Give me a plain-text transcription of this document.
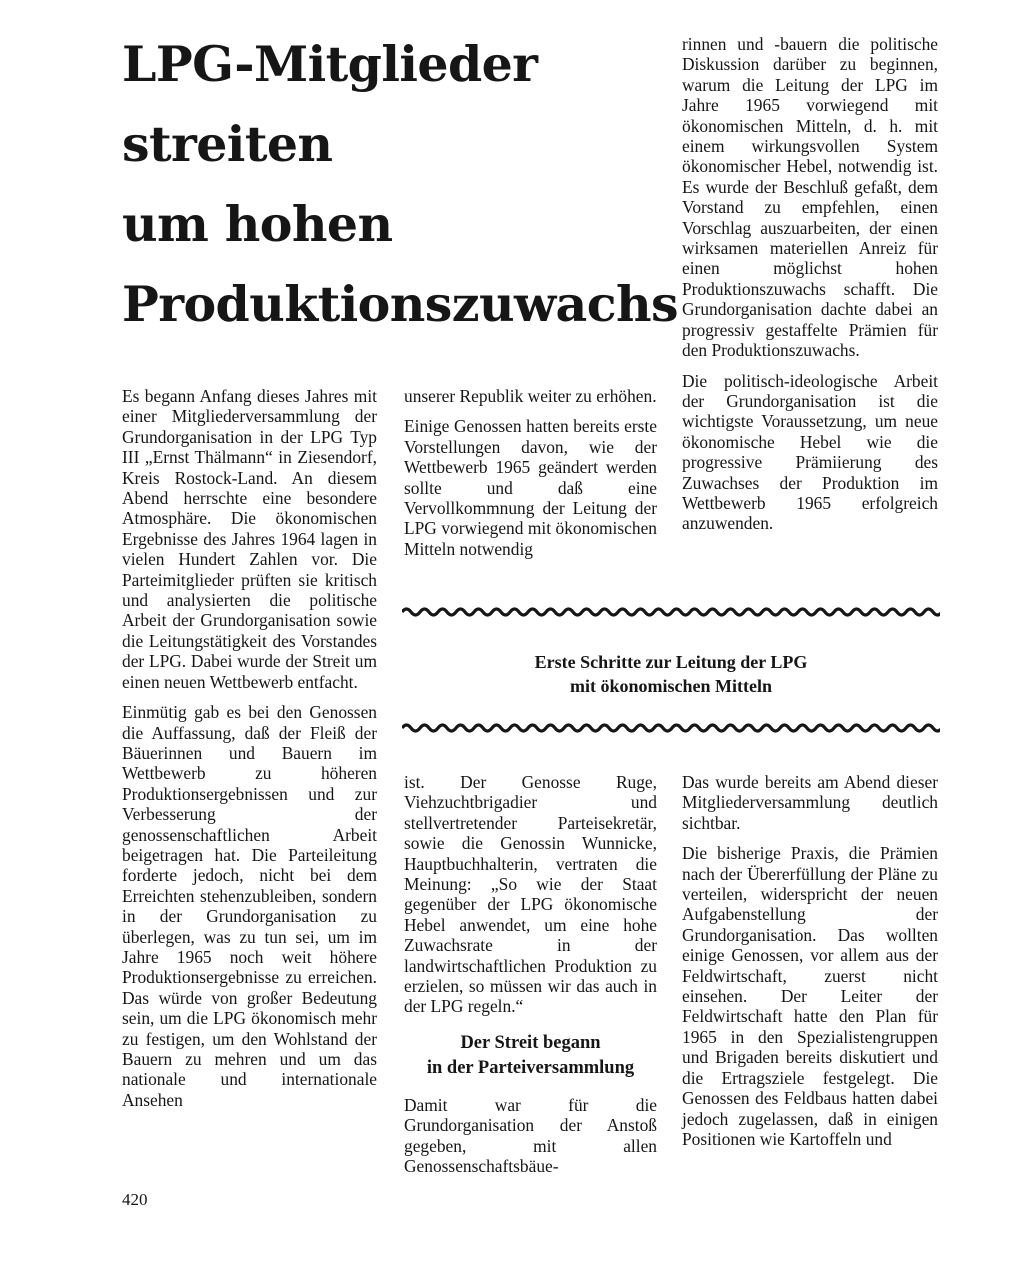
LPG-Mitglieder
streiten
um hohen
Produktionszuwachs

rinnen und -bauern die politische Diskussion darüber zu beginnen, warum die Leitung der LPG im Jahre 1965 vorwiegend mit ökonomischen Mitteln, d. h. mit einem wirkungsvollen System ökonomischer Hebel, notwendig ist. Es wurde der Beschluß gefaßt, dem Vorstand zu empfehlen, einen Vorschlag auszuarbeiten, der einen wirksamen materiellen Anreiz für einen möglichst hohen Produktionszuwachs schafft. Die Grundorganisation dachte dabei an progressiv gestaffelte Prämien für den Produktionszuwachs.

Die politisch-ideologische Arbeit der Grundorganisation ist die wichtigste Voraussetzung, um neue ökonomische Hebel wie die progressive Prämiierung des Zuwachses der Produktion im Wettbewerb 1965 erfolgreich anzuwenden.

Es begann Anfang dieses Jahres mit einer Mitgliederversammlung der Grundorganisation in der LPG Typ III „Ernst Thälmann“ in Ziesendorf, Kreis Rostock-Land. An diesem Abend herrschte eine besondere Atmosphäre. Die ökonomischen Ergebnisse des Jahres 1964 lagen in vielen Hundert Zahlen vor. Die Parteimitglieder prüften sie kritisch und analysierten die politische Arbeit der Grundorganisation sowie die Leitungstätigkeit des Vorstandes der LPG. Dabei wurde der Streit um einen neuen Wettbewerb entfacht.

Einmütig gab es bei den Genossen die Auffassung, daß der Fleiß der Bäuerinnen und Bauern im Wettbewerb zu höheren Produktionsergebnissen und zur Verbesserung der genossenschaftlichen Arbeit beigetragen hat. Die Parteileitung forderte jedoch, nicht bei dem Erreichten stehenzubleiben, sondern in der Grundorganisation zu überlegen, was zu tun sei, um im Jahre 1965 noch weit höhere Produktionsergebnisse zu erreichen. Das würde von großer Bedeutung sein, um die LPG ökonomisch mehr zu festigen, um den Wohlstand der Bauern zu mehren und um das nationale und internationale Ansehen

unserer Republik weiter zu erhöhen.

Einige Genossen hatten bereits erste Vorstellungen davon, wie der Wettbewerb 1965 geändert werden sollte und daß eine Vervollkommnung der Leitung der LPG vorwiegend mit ökonomischen Mitteln notwendig

Erste Schritte zur Leitung der LPG
mit ökonomischen Mitteln

ist. Der Genosse Ruge, Viehzuchtbrigadier und stellvertretender Parteisekretär, sowie die Genossin Wunnicke, Hauptbuchhalterin, vertraten die Meinung: „So wie der Staat gegenüber der LPG ökonomische Hebel anwendet, um eine hohe Zuwachsrate in der landwirtschaftlichen Produktion zu erzielen, so müssen wir das auch in der LPG regeln.“

Der Streit begann
in der Parteiversammlung

Damit war für die Grundorganisation der Anstoß gegeben, mit allen Genossenschaftsbäue-

Das wurde bereits am Abend dieser Mitgliederversammlung deutlich sichtbar.

Die bisherige Praxis, die Prämien nach der Übererfüllung der Pläne zu verteilen, widerspricht der neuen Aufgabenstellung der Grundorganisation. Das wollten einige Genossen, vor allem aus der Feldwirtschaft, zuerst nicht einsehen. Der Leiter der Feldwirtschaft hatte den Plan für 1965 in den Spezialistengruppen und Brigaden bereits diskutiert und die Ertragsziele festgelegt. Die Genossen des Feldbaus hatten dabei jedoch zugelassen, daß in einigen Positionen wie Kartoffeln und

420
